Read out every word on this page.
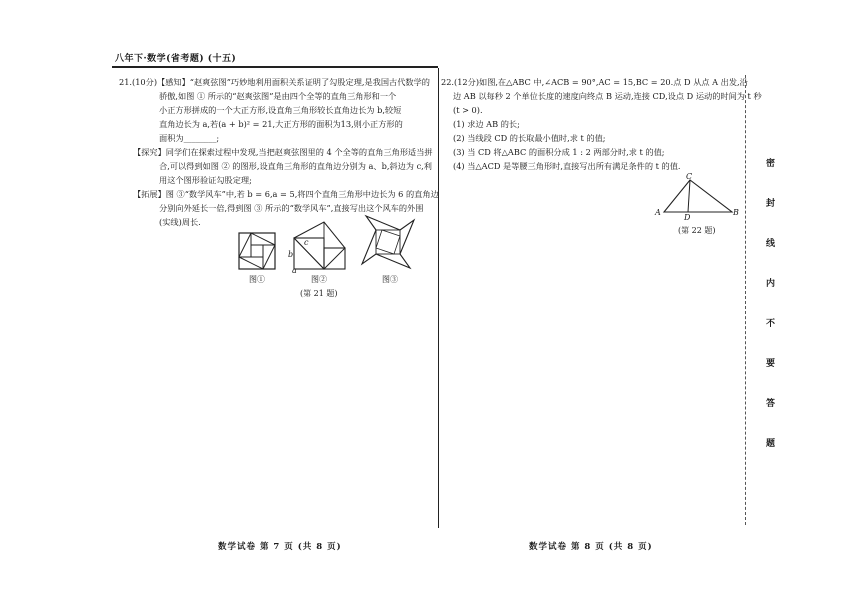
八年下·数学(省考题) (十五)
21.(10分)【感知】“赵爽弦图”巧妙地利用面积关系证明了勾股定理,是我国古代数学的
骄傲,如图 ① 所示的“赵爽弦图”是由四个全等的直角三角形和一个
小正方形拼成的一个大正方形,设直角三角形较长直角边长为 b,较短
直角边长为 a,若(a + b)² = 21,大正方形的面积为13,则小正方形的
面积为________;
【探究】同学们在探索过程中发现,当把赵爽弦图里的 4 个全等的直角三角形适当拼
合,可以得到如图 ② 的图形,设直角三角形的直角边分别为 a、b,斜边为 c,利
用这个图形验证勾股定理;
【拓展】图 ③“数学风车”中,若 b = 6,a = 5,将四个直角三角形中边长为 6 的直角边
分别向外延长一倍,得到图 ③ 所示的“数学风车”,直接写出这个风车的外围
(实线)周长.
图①
c
b
a
图②	图③
(第 21 题)
22.(12分)如图,在△ABC 中,∠ACB = 90°,AC = 15,BC = 20.点 D 从点 A 出发,沿
边 AB 以每秒 2 个单位长度的速度向终点 B 运动,连接 CD,设点 D 运动的时间为 t 秒
(t > 0).
(1) 求边 AB 的长;
(2) 当线段 CD 的长取最小值时,求 t 的值;
(3) 当 CD 将△ABC 的面积分成 1 : 2 两部分时,求 t 的值;
(4) 当△ACD 是等腰三角形时,直接写出所有满足条件的 t 的值.
C
A
D
B
(第 22 题)
数学试卷 第 7 页 (共 8 页)	数学试卷 第 8 页 (共 8 页)
密
封
线
内
不
要
答
题
